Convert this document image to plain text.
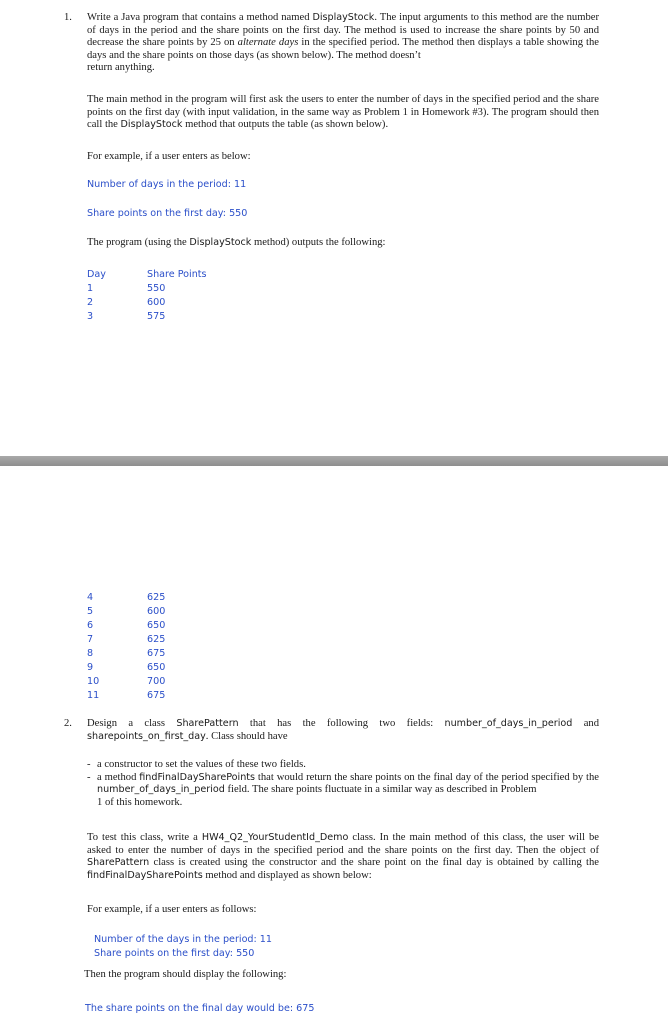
1. Write a Java program that contains a method named DisplayStock. The input arguments to this method are the number of days in the period and the share points on the first day. The method is used to increase the share points by 50 and decrease the share points by 25 on alternate days in the specified period. The method then displays a table showing the days and the share points on those days (as shown below). The method doesn’t
return anything.

The main method in the program will first ask the users to enter the number of days in the specified period and the share points on the first day (with input validation, in the same way as Problem 1 in Homework #3). The program should then call the DisplayStock method that outputs the table (as shown below).

For example, if a user enters as below:
Number of days in the period: 11
Share points on the first day: 550
The program (using the DisplayStock method) outputs the following:
Day	Share Points
1	550
2	600
3	575
4	625
5	600
6	650
7	625
8	675
9	650
10	700
11	675
2. Design a class SharePattern that has the following two fields: number_of_days_in_period and sharepoints_on_first_day. Class should have

- a constructor to set the values of these two fields.
- a method findFinalDaySharePoints that would return the share points on the final day of the period specified by the number_of_days_in_period field. The share points fluctuate in a similar way as described in Problem
1 of this homework.

To test this class, write a HW4_Q2_YourStudentId_Demo class. In the main method of this class, the user will be asked to enter the number of days in the specified period and the share points on the first day. Then the object of SharePattern class is created using the constructor and the share point on the final day is obtained by calling the findFinalDaySharePoints method and displayed as shown below:

For example, if a user enters as follows:
Number of the days in the period: 11
Share points on the first day: 550
Then the program should display the following:
The share points on the final day would be: 675
